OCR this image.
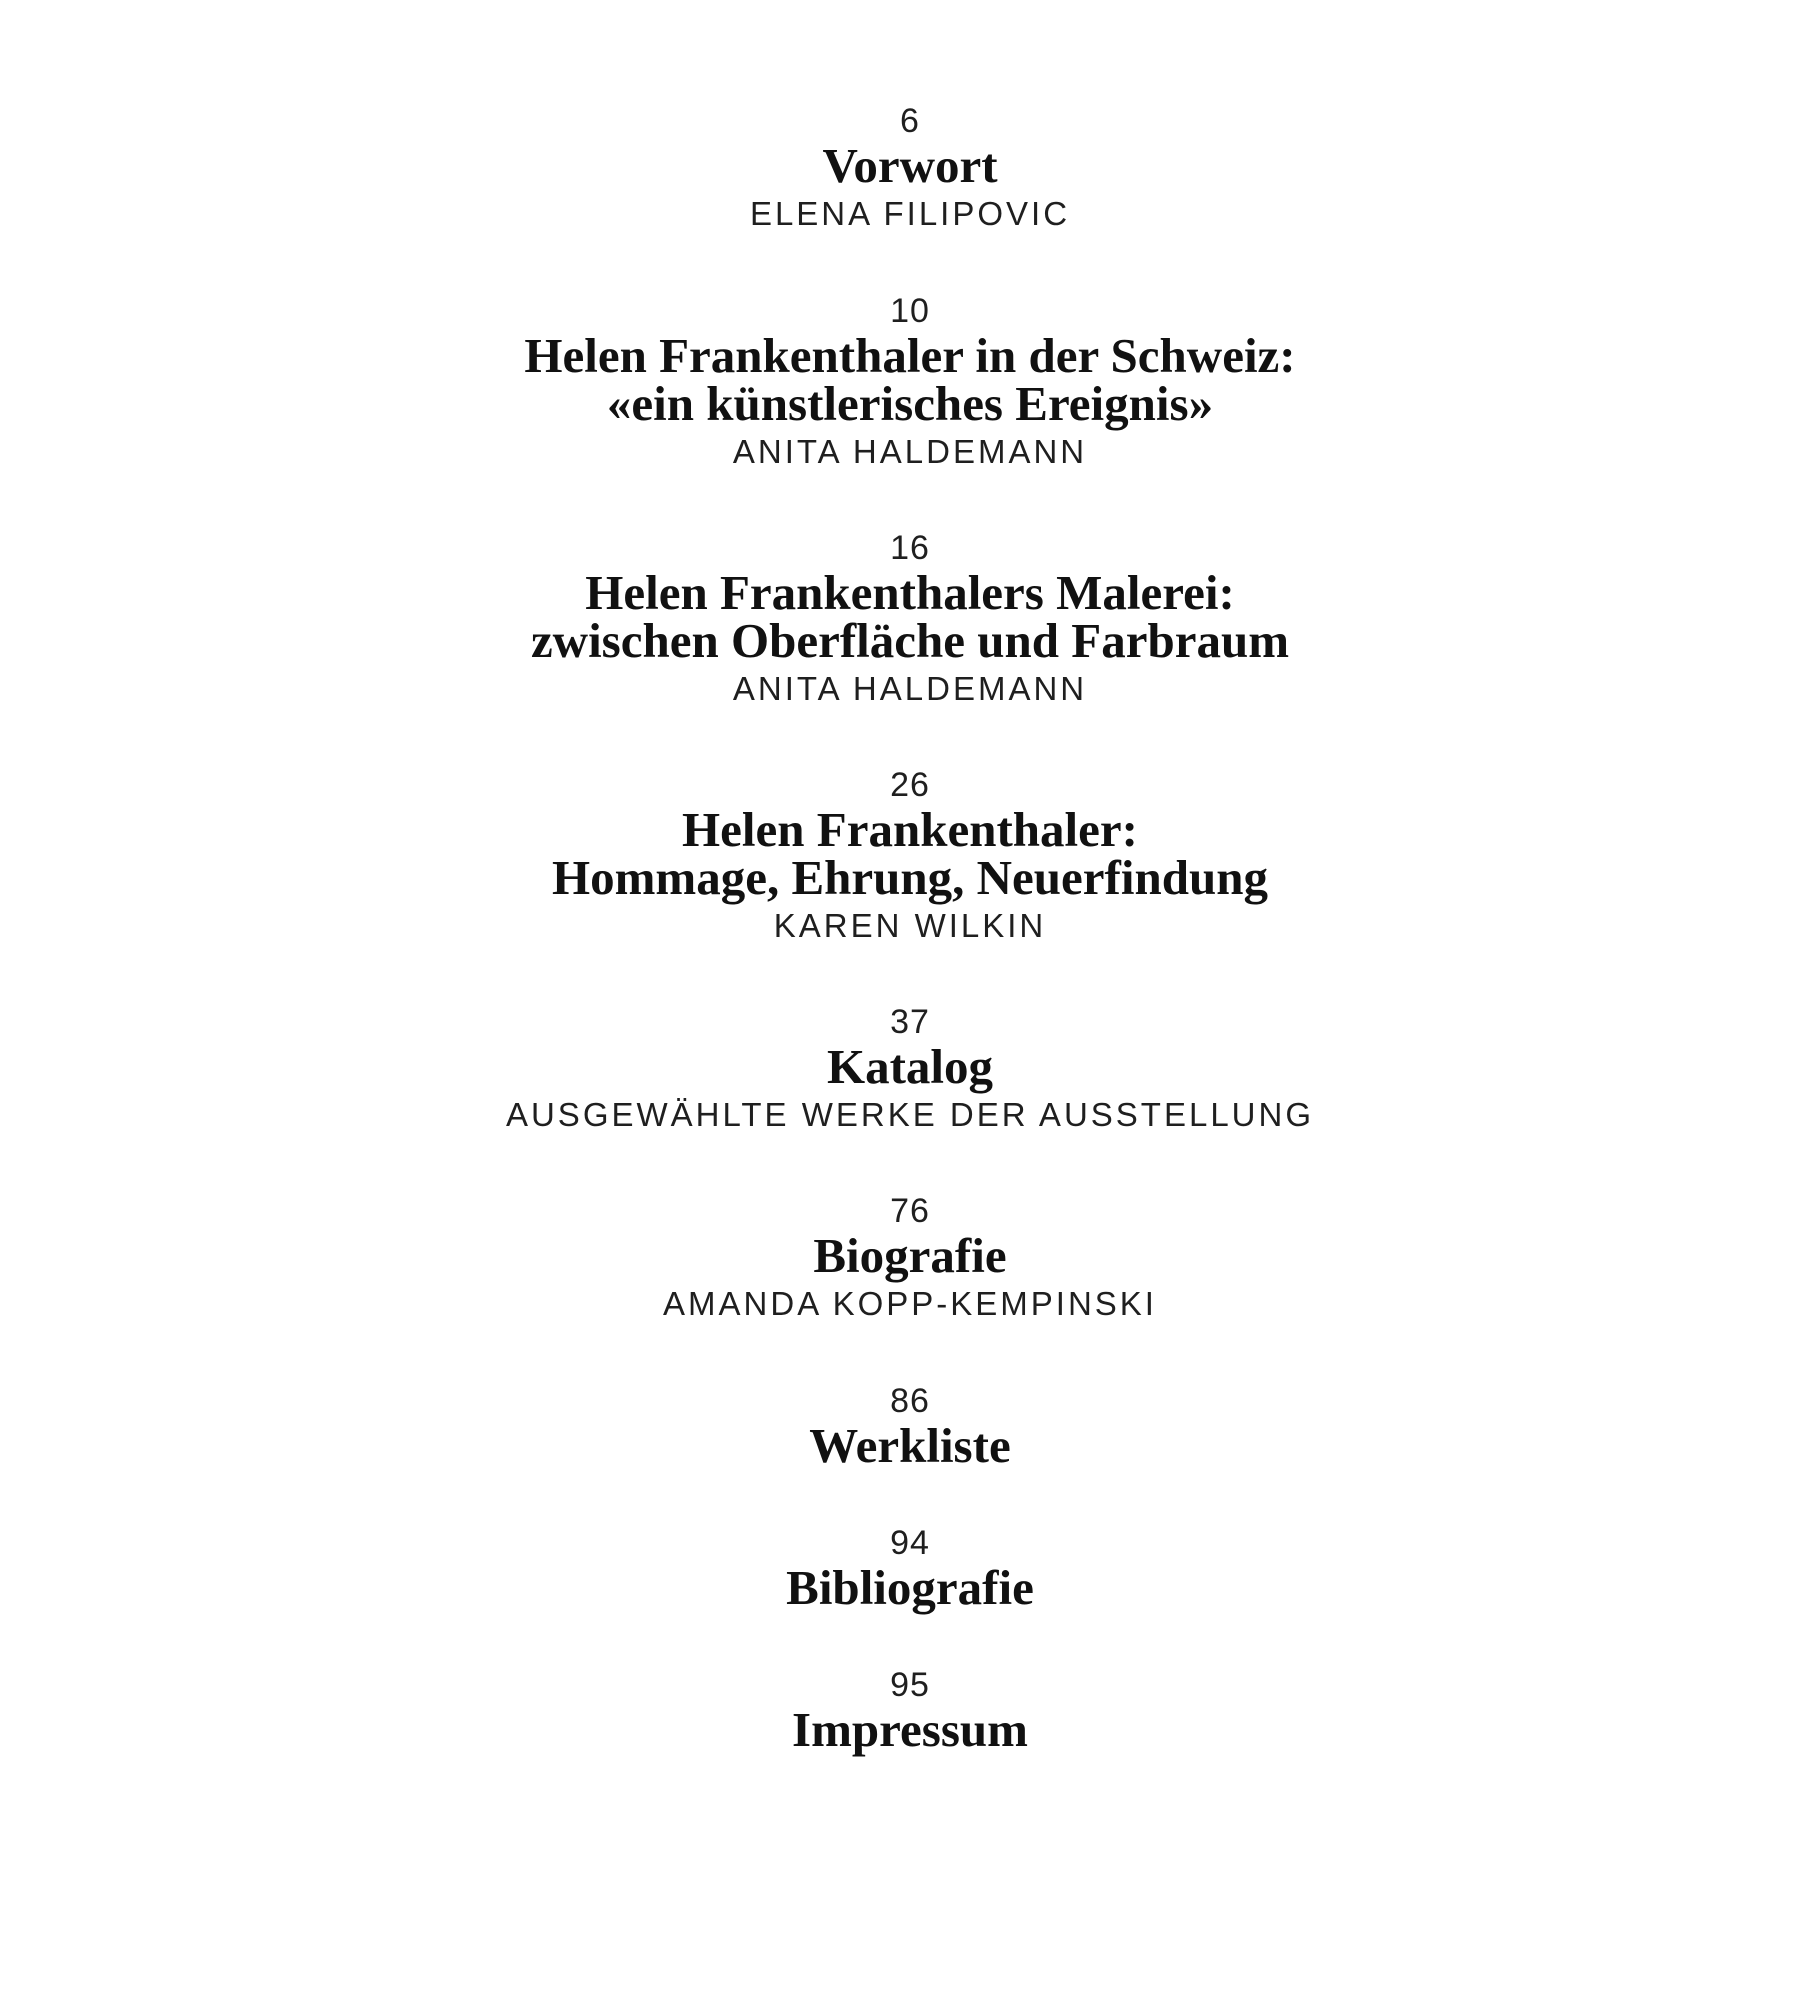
6
Vorwort
ELENA FILIPOVIC
10
Helen Frankenthaler in der Schweiz:
«ein künstlerisches Ereignis»
ANITA HALDEMANN
16
Helen Frankenthalers Malerei:
zwischen Oberfläche und Farbraum
ANITA HALDEMANN
26
Helen Frankenthaler:
Hommage, Ehrung, Neuerfindung
KAREN WILKIN
37
Katalog
AUSGEWÄHLTE WERKE DER AUSSTELLUNG
76
Biografie
AMANDA KOPP-KEMPINSKI
86
Werkliste
94
Bibliografie
95
Impressum
